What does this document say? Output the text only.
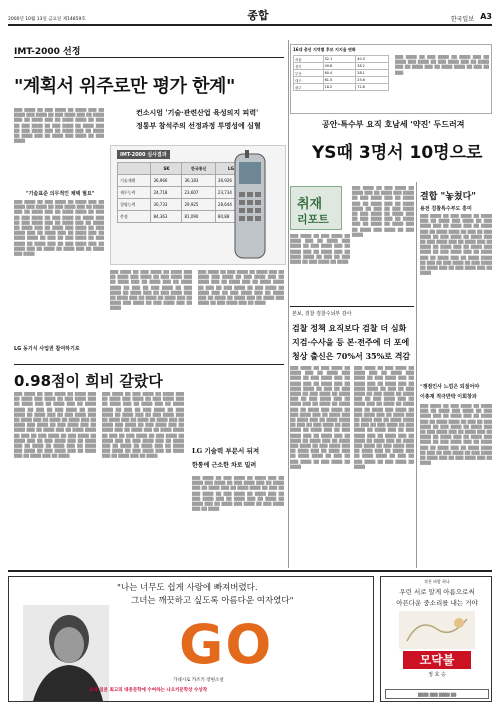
2000년 10월 13일 금요일 제14859호	종합	한국일보 A3
IMT-2000 선정
"계획서 위주로만 평가 한계"
컨소시엄 '기술·관련산업 육성의지 피력'
정통부 참석주의 선정과정 투명성에 심혈
▒▒▒ ▒▒▒▒ ▒▒ ▒▒▒ ▒▒▒▒ ▒▒ ▒▒▒▒ ▒▒▒ ▒▒ ▒▒▒▒ ▒▒▒ ▒▒▒▒ ▒▒ ▒▒▒ ▒▒▒▒ ▒▒▒ ▒▒ ▒▒▒▒ ▒▒▒ ▒▒ ▒▒▒▒ ▒▒▒ ▒▒ ▒▒▒▒ ▒▒▒▒ ▒▒ ▒▒▒ ▒▒ ▒▒▒ ▒▒▒▒ ▒▒ ▒▒▒ ▒▒▒▒ ▒▒ ▒▒▒▒ ▒▒▒ ▒▒ ▒▒▒ ▒▒▒▒ ▒▒▒ ▒▒ ▒▒▒▒ ▒▒▒ ▒▒ ▒▒▒▒ ▒▒ ▒▒▒▒ ▒▒▒ ▒▒ ▒▒▒▒ ▒▒▒ ▒▒▒▒ ▒▒ ▒▒▒ ▒▒▒▒
"기술표준 의무적인 채택 필요"
▒▒▒ ▒▒▒▒ ▒▒ ▒▒▒ ▒▒▒▒ ▒▒ ▒▒▒▒ ▒▒▒ ▒▒ ▒▒▒▒ ▒▒▒ ▒▒▒▒ ▒▒ ▒▒▒ ▒▒▒▒ ▒▒▒ ▒▒ ▒▒▒▒ ▒▒▒ ▒▒ ▒▒▒▒ ▒▒▒ ▒▒ ▒▒▒▒ ▒▒▒▒ ▒▒ ▒▒▒ ▒▒ ▒▒▒ ▒▒▒▒ ▒▒ ▒▒▒ ▒▒▒▒ ▒▒ ▒▒▒▒ ▒▒▒ ▒▒ ▒▒▒ ▒▒▒▒ ▒▒▒ ▒▒ ▒▒▒▒ ▒▒▒ ▒▒ ▒▒▒▒ ▒▒ ▒▒▒▒ ▒▒▒ ▒▒ ▒▒▒▒ ▒▒▒ ▒▒▒▒ ▒▒ ▒▒▒ ▒▒▒▒ ▒▒▒ ▒▒ ▒▒▒▒ ▒▒▒ ▒▒ ▒▒▒▒ ▒▒▒ ▒▒ ▒▒▒▒ ▒▒▒▒ ▒▒ ▒▒▒ ▒▒ ▒▒▒ ▒▒▒▒ ▒▒ ▒▒▒ ▒▒▒▒ ▒▒ ▒▒▒▒ ▒▒▒ ▒▒ ▒▒▒ ▒▒▒▒ ▒▒▒ ▒▒ ▒▒▒▒ ▒▒▒ ▒▒ ▒▒▒▒ ▒▒ ▒▒▒▒ ▒▒▒ ▒▒ ▒▒▒▒ ▒▒▒ ▒▒▒▒
LG 동기식 사업권 참여하기로
IMT-2000 심사결과
	SK	한국통신	LG
기술계획	36,966	36,183	36,926
재무능력	24,718	23,607	23,734
경영능력	30,733	29,925	28,644
총점	84,363	81,090	80,88
▒▒▒ ▒▒▒▒ ▒▒ ▒▒▒ ▒▒▒▒ ▒▒ ▒▒▒▒ ▒▒▒ ▒▒ ▒▒▒▒ ▒▒▒ ▒▒▒▒ ▒▒ ▒▒▒ ▒▒▒▒ ▒▒▒ ▒▒ ▒▒▒▒ ▒▒▒ ▒▒ ▒▒▒▒ ▒▒▒ ▒▒ ▒▒▒▒ ▒▒▒▒ ▒▒ ▒▒▒ ▒▒ ▒▒▒ ▒▒▒▒ ▒▒ ▒▒▒ ▒▒▒▒ ▒▒ ▒▒▒▒ ▒▒▒ ▒▒ ▒▒▒ ▒▒▒▒ ▒▒▒ ▒▒ ▒▒▒▒ ▒▒▒ ▒▒ ▒▒▒▒ ▒▒ ▒▒▒▒ ▒▒▒ ▒▒ ▒▒▒▒ ▒▒▒ ▒▒▒▒ ▒▒ ▒▒▒ ▒▒▒▒ ▒▒▒ ▒▒ ▒▒▒▒
▒▒▒ ▒▒▒▒ ▒▒ ▒▒▒ ▒▒▒▒ ▒▒ ▒▒▒▒ ▒▒▒ ▒▒ ▒▒▒▒ ▒▒▒ ▒▒▒▒ ▒▒ ▒▒▒ ▒▒▒▒ ▒▒▒ ▒▒ ▒▒▒▒ ▒▒▒ ▒▒ ▒▒▒▒ ▒▒▒ ▒▒ ▒▒▒▒ ▒▒▒▒ ▒▒ ▒▒▒ ▒▒ ▒▒▒ ▒▒▒▒ ▒▒ ▒▒▒ ▒▒▒▒ ▒▒ ▒▒▒▒ ▒▒▒ ▒▒ ▒▒▒ ▒▒▒▒ ▒▒▒ ▒▒ ▒▒▒▒ ▒▒▒ ▒▒ ▒▒▒▒ ▒▒ ▒▒▒▒ ▒▒▒ ▒▒ ▒▒▒▒ ▒▒▒ ▒▒▒▒ ▒▒ ▒▒▒ ▒▒▒▒ ▒▒▒ ▒▒ ▒▒▒▒
0.98점이 희비 갈랐다
▒▒▒ ▒▒▒▒ ▒▒ ▒▒▒ ▒▒▒▒ ▒▒ ▒▒▒▒ ▒▒▒ ▒▒ ▒▒▒▒ ▒▒▒ ▒▒▒▒ ▒▒ ▒▒▒ ▒▒▒▒ ▒▒▒ ▒▒ ▒▒▒▒ ▒▒▒ ▒▒ ▒▒▒▒ ▒▒▒ ▒▒ ▒▒▒▒ ▒▒▒▒ ▒▒ ▒▒▒ ▒▒ ▒▒▒ ▒▒▒▒ ▒▒ ▒▒▒ ▒▒▒▒ ▒▒ ▒▒▒▒ ▒▒▒ ▒▒ ▒▒▒ ▒▒▒▒ ▒▒▒ ▒▒ ▒▒▒▒ ▒▒▒ ▒▒ ▒▒▒▒ ▒▒ ▒▒▒▒ ▒▒▒ ▒▒ ▒▒▒▒ ▒▒▒ ▒▒▒▒ ▒▒ ▒▒▒ ▒▒▒▒ ▒▒▒ ▒▒ ▒▒▒▒ ▒▒▒ ▒▒ ▒▒▒▒ ▒▒▒ ▒▒ ▒▒▒▒ ▒▒▒▒ ▒▒ ▒▒▒ ▒▒ ▒▒▒ ▒▒▒▒ ▒▒ ▒▒▒ ▒▒▒▒ ▒▒ ▒▒▒▒ ▒▒▒ ▒▒ ▒▒▒ ▒▒▒▒ ▒▒▒ ▒▒ ▒▒▒▒ ▒▒▒ ▒▒ ▒▒▒▒ ▒▒ ▒▒▒▒ ▒▒▒ ▒▒ ▒▒▒▒ ▒▒▒ ▒▒▒▒ ▒▒ ▒▒▒ ▒▒▒▒ ▒▒▒ ▒▒ ▒▒▒▒ ▒▒▒ ▒▒ ▒▒▒▒ ▒▒▒ ▒▒ ▒▒▒▒
▒▒▒ ▒▒▒▒ ▒▒ ▒▒▒ ▒▒▒▒ ▒▒ ▒▒▒▒ ▒▒▒ ▒▒ ▒▒▒▒ ▒▒▒ ▒▒▒▒ ▒▒ ▒▒▒ ▒▒▒▒ ▒▒▒ ▒▒ ▒▒▒▒ ▒▒▒ ▒▒ ▒▒▒▒ ▒▒▒ ▒▒ ▒▒▒▒ ▒▒▒▒ ▒▒ ▒▒▒ ▒▒ ▒▒▒ ▒▒▒▒ ▒▒ ▒▒▒ ▒▒▒▒ ▒▒ ▒▒▒▒ ▒▒▒ ▒▒ ▒▒▒ ▒▒▒▒ ▒▒▒ ▒▒ ▒▒▒▒ ▒▒▒ ▒▒ ▒▒▒▒ ▒▒ ▒▒▒▒ ▒▒▒ ▒▒ ▒▒▒▒ ▒▒▒ ▒▒▒▒ ▒▒ ▒▒▒ ▒▒▒▒ ▒▒▒ ▒▒ ▒▒▒▒ ▒▒▒ ▒▒ ▒▒▒▒ ▒▒▒ ▒▒ ▒▒▒▒ ▒▒▒▒ ▒▒ ▒▒▒ ▒▒ ▒▒▒ ▒▒▒▒ ▒▒ ▒▒▒ ▒▒▒▒ ▒▒ ▒▒▒▒ ▒▒▒ ▒▒ ▒▒▒ ▒▒▒▒ ▒▒▒ ▒▒ ▒▒▒▒ ▒▒▒ ▒▒ ▒▒▒▒ ▒▒ ▒▒▒▒ ▒▒▒ ▒▒ ▒▒▒▒ ▒▒▒ ▒▒▒▒ ▒▒ ▒▒▒ ▒▒▒▒ ▒▒▒ ▒▒ ▒▒▒▒ ▒▒▒ ▒▒ ▒▒▒▒ ▒▒▒ ▒▒ ▒▒▒▒
LG 기술력 부문서 뒤져
한통에 근소한 차로 밀려
▒▒▒ ▒▒▒▒ ▒▒ ▒▒▒ ▒▒▒▒ ▒▒ ▒▒▒▒ ▒▒▒ ▒▒ ▒▒▒▒ ▒▒▒ ▒▒▒▒ ▒▒ ▒▒▒ ▒▒▒▒ ▒▒▒ ▒▒ ▒▒▒▒ ▒▒▒ ▒▒ ▒▒▒▒ ▒▒▒ ▒▒ ▒▒▒▒ ▒▒▒▒ ▒▒ ▒▒▒ ▒▒ ▒▒▒ ▒▒▒▒ ▒▒ ▒▒▒ ▒▒▒▒ ▒▒ ▒▒▒▒ ▒▒▒ ▒▒ ▒▒▒ ▒▒▒▒ ▒▒▒ ▒▒ ▒▒▒▒ ▒▒▒ ▒▒ ▒▒▒▒ ▒▒ ▒▒▒▒ ▒▒▒ ▒▒ ▒▒▒▒ ▒▒▒ ▒▒▒▒ ▒▒ ▒▒▒ ▒▒▒▒ ▒▒▒ ▒▒ ▒▒▒▒
16대 총선 지역별 후보 지지율 변화
서울	52.1	40.3
경기	49.8	38.2
부산	60.4	28.1
대구	61.5	25.6
광주	18.2	72.8
▒▒▒ ▒▒▒▒ ▒▒ ▒▒▒ ▒▒▒▒ ▒▒ ▒▒▒▒ ▒▒▒ ▒▒ ▒▒▒▒ ▒▒▒ ▒▒▒▒ ▒▒ ▒▒▒ ▒▒▒▒ ▒▒▒ ▒▒ ▒▒▒▒ ▒▒▒ ▒▒ ▒▒▒▒ ▒▒▒ ▒▒ ▒▒▒▒ ▒▒▒▒ ▒▒ ▒▒▒ ▒▒ ▒▒▒
공안·특수부 요직 호남세 '약진' 두드러져
YS때 3명서 10명으로
취재
리포트
▒▒▒ ▒▒▒▒ ▒▒ ▒▒▒ ▒▒▒▒ ▒▒ ▒▒▒▒ ▒▒▒ ▒▒ ▒▒▒▒ ▒▒▒ ▒▒▒▒ ▒▒ ▒▒▒ ▒▒▒▒ ▒▒▒ ▒▒ ▒▒▒▒ ▒▒▒ ▒▒ ▒▒▒▒ ▒▒▒ ▒▒ ▒▒▒▒ ▒▒▒▒ ▒▒ ▒▒▒ ▒▒ ▒▒▒ ▒▒▒▒ ▒▒ ▒▒▒ ▒▒▒▒ ▒▒ ▒▒▒▒
▒▒▒ ▒▒▒▒ ▒▒ ▒▒▒ ▒▒▒▒ ▒▒ ▒▒▒▒ ▒▒▒ ▒▒ ▒▒▒▒ ▒▒▒ ▒▒▒▒ ▒▒ ▒▒▒ ▒▒▒▒ ▒▒▒ ▒▒ ▒▒▒▒ ▒▒▒ ▒▒ ▒▒▒▒ ▒▒▒ ▒▒ ▒▒▒▒ ▒▒▒▒ ▒▒ ▒▒▒ ▒▒ ▒▒▒ ▒▒▒▒ ▒▒ ▒▒▒ ▒▒▒▒ ▒▒ ▒▒▒▒ ▒▒▒ ▒▒ ▒▒▒ ▒▒▒▒ ▒▒▒ ▒▒ ▒▒▒▒ ▒▒▒ ▒▒ ▒▒▒▒ ▒▒ ▒▒▒▒ ▒▒▒ ▒▒ ▒▒▒▒ ▒▒▒ ▒▒▒▒ ▒▒ ▒▒▒ ▒▒▒▒
결합 "놓쳤다"
용전 검찰특수부도 흥미
▒▒▒ ▒▒▒▒ ▒▒ ▒▒▒ ▒▒▒▒ ▒▒ ▒▒▒▒ ▒▒▒ ▒▒ ▒▒▒▒ ▒▒▒ ▒▒▒▒ ▒▒ ▒▒▒ ▒▒▒▒ ▒▒▒ ▒▒ ▒▒▒▒ ▒▒▒ ▒▒ ▒▒▒▒ ▒▒▒ ▒▒ ▒▒▒▒ ▒▒▒▒ ▒▒ ▒▒▒ ▒▒ ▒▒▒ ▒▒▒▒ ▒▒ ▒▒▒ ▒▒▒▒ ▒▒ ▒▒▒▒ ▒▒▒ ▒▒ ▒▒▒ ▒▒▒▒ ▒▒▒ ▒▒ ▒▒▒▒ ▒▒▒ ▒▒ ▒▒▒▒ ▒▒ ▒▒▒▒ ▒▒▒ ▒▒ ▒▒▒▒ ▒▒▒ ▒▒▒▒ ▒▒ ▒▒▒ ▒▒▒▒ ▒▒▒ ▒▒ ▒▒▒▒ ▒▒▒ ▒▒ ▒▒▒▒ ▒▒▒ ▒▒ ▒▒▒▒ ▒▒▒▒ ▒▒ ▒▒▒ ▒▒ ▒▒▒ ▒▒▒▒ ▒▒ ▒▒▒ ▒▒▒▒ ▒▒ ▒▒▒▒ ▒▒▒ ▒▒ ▒▒▒ ▒▒▒▒ ▒▒▒ ▒▒ ▒▒▒▒
"쟁점인사 느낌은 되짚어야
이총재 적극반박 이회창과
▒▒▒ ▒▒▒▒ ▒▒ ▒▒▒ ▒▒▒▒ ▒▒ ▒▒▒▒ ▒▒▒ ▒▒ ▒▒▒▒ ▒▒▒ ▒▒▒▒ ▒▒ ▒▒▒ ▒▒▒▒ ▒▒▒ ▒▒ ▒▒▒▒ ▒▒▒ ▒▒ ▒▒▒▒ ▒▒▒ ▒▒ ▒▒▒▒ ▒▒▒▒ ▒▒ ▒▒▒ ▒▒ ▒▒▒ ▒▒▒▒ ▒▒ ▒▒▒ ▒▒▒▒ ▒▒ ▒▒▒▒ ▒▒▒ ▒▒ ▒▒▒ ▒▒▒▒ ▒▒▒ ▒▒ ▒▒▒▒ ▒▒▒ ▒▒ ▒▒▒▒ ▒▒ ▒▒▒▒ ▒▒▒ ▒▒ ▒▒▒▒ ▒▒▒ ▒▒▒▒ ▒▒ ▒▒▒ ▒▒▒▒ ▒▒▒ ▒▒ ▒▒▒▒ ▒▒▒ ▒▒ ▒▒▒▒ ▒▒▒ ▒▒ ▒▒▒▒ ▒▒▒▒ ▒▒ ▒▒▒ ▒▒ ▒▒▒ ▒▒▒▒ ▒▒ ▒▒▒ ▒▒▒▒ ▒▒ ▒▒▒▒ ▒▒▒ ▒▒ ▒▒▒ ▒▒▒▒ ▒▒▒ ▒▒ ▒▒▒▒
본보, 검찰 검찰수뇌부 감사
검찰 정책 요직보다 검찰 더 심화
지검·수사을 등 본·전주에 더 포에
청상 출신은 70%서 35%로 격감
▒▒▒ ▒▒▒▒ ▒▒ ▒▒▒ ▒▒▒▒ ▒▒ ▒▒▒▒ ▒▒▒ ▒▒ ▒▒▒▒ ▒▒▒ ▒▒▒▒ ▒▒ ▒▒▒ ▒▒▒▒ ▒▒▒ ▒▒ ▒▒▒▒ ▒▒▒ ▒▒ ▒▒▒▒ ▒▒▒ ▒▒ ▒▒▒▒ ▒▒▒▒ ▒▒ ▒▒▒ ▒▒ ▒▒▒ ▒▒▒▒ ▒▒ ▒▒▒ ▒▒▒▒ ▒▒ ▒▒▒▒ ▒▒▒ ▒▒ ▒▒▒ ▒▒▒▒ ▒▒▒ ▒▒ ▒▒▒▒ ▒▒▒ ▒▒ ▒▒▒▒ ▒▒ ▒▒▒▒ ▒▒▒ ▒▒ ▒▒▒▒ ▒▒▒ ▒▒▒▒ ▒▒ ▒▒▒ ▒▒▒▒ ▒▒▒ ▒▒ ▒▒▒▒ ▒▒▒ ▒▒ ▒▒▒▒ ▒▒▒ ▒▒ ▒▒▒▒ ▒▒▒▒ ▒▒ ▒▒▒ ▒▒ ▒▒▒ ▒▒▒▒ ▒▒ ▒▒▒ ▒▒▒▒ ▒▒ ▒▒▒▒ ▒▒▒ ▒▒ ▒▒▒ ▒▒▒▒ ▒▒▒ ▒▒ ▒▒▒▒ ▒▒▒ ▒▒ ▒▒▒▒ ▒▒ ▒▒▒▒ ▒▒▒ ▒▒ ▒▒▒▒ ▒▒▒ ▒▒▒▒ ▒▒ ▒▒▒ ▒▒▒▒ ▒▒▒ ▒▒ ▒▒▒▒ ▒▒▒ ▒▒ ▒▒▒▒ ▒▒▒ ▒▒ ▒▒▒▒ ▒▒▒▒ ▒▒ ▒▒▒ ▒▒ ▒▒▒ ▒▒▒▒ ▒▒ ▒▒▒ ▒▒▒▒ ▒▒ ▒▒▒▒
▒▒▒ ▒▒▒▒ ▒▒ ▒▒▒ ▒▒▒▒ ▒▒ ▒▒▒▒ ▒▒▒ ▒▒ ▒▒▒▒ ▒▒▒ ▒▒▒▒ ▒▒ ▒▒▒ ▒▒▒▒ ▒▒▒ ▒▒ ▒▒▒▒ ▒▒▒ ▒▒ ▒▒▒▒ ▒▒▒ ▒▒ ▒▒▒▒ ▒▒▒▒ ▒▒ ▒▒▒ ▒▒ ▒▒▒ ▒▒▒▒ ▒▒ ▒▒▒ ▒▒▒▒ ▒▒ ▒▒▒▒ ▒▒▒ ▒▒ ▒▒▒ ▒▒▒▒ ▒▒▒ ▒▒ ▒▒▒▒ ▒▒▒ ▒▒ ▒▒▒▒ ▒▒ ▒▒▒▒ ▒▒▒ ▒▒ ▒▒▒▒ ▒▒▒ ▒▒▒▒ ▒▒ ▒▒▒ ▒▒▒▒ ▒▒▒ ▒▒ ▒▒▒▒ ▒▒▒ ▒▒ ▒▒▒▒ ▒▒▒ ▒▒ ▒▒▒▒ ▒▒▒▒ ▒▒ ▒▒▒ ▒▒ ▒▒▒ ▒▒▒▒ ▒▒ ▒▒▒ ▒▒▒▒ ▒▒ ▒▒▒▒ ▒▒▒ ▒▒ ▒▒▒ ▒▒▒▒ ▒▒▒ ▒▒ ▒▒▒▒ ▒▒▒ ▒▒ ▒▒▒▒ ▒▒ ▒▒▒▒ ▒▒▒ ▒▒ ▒▒▒▒ ▒▒▒ ▒▒▒▒ ▒▒ ▒▒▒ ▒▒▒▒ ▒▒▒ ▒▒ ▒▒▒▒ ▒▒▒ ▒▒ ▒▒▒▒ ▒▒▒ ▒▒ ▒▒▒▒ ▒▒▒▒ ▒▒ ▒▒▒ ▒▒ ▒▒▒ ▒▒▒▒ ▒▒ ▒▒▒ ▒▒▒▒ ▒▒ ▒▒▒▒
"나는 너무도 쉽게 사랑에 빠져버렸다.
그녀는 깨끗하고 싶도록 아름다운 여자였다"
GO
가네시로 카즈키 장편소설
올해 일본 최고의 대중문학에 수여하는 나오키문학상 수상작
작은 바람 하나
우린 서로 알게 아름으로써
아픈다운 중소리를 내는 거야
모닥불
정 호 승
▒▒▒▒ ▒▒▒ ▒▒▒▒ ▒▒
